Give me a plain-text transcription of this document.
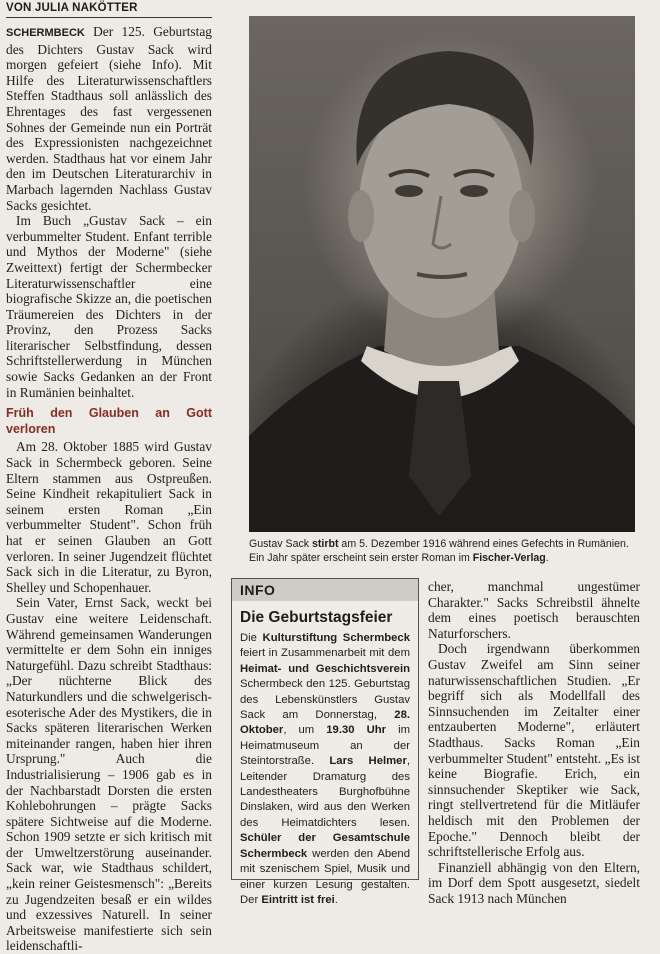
VON JULIA NAKÖTTER

SCHERMBECK Der 125. Geburtstag des Dichters Gustav Sack wird morgen gefeiert (siehe Info). Mit Hilfe des Literaturwissenschaftlers Steffen Stadthaus soll anlässlich des Ehrentages des fast vergessenen Sohnes der Gemeinde nun ein Porträt des Expressionisten nachgezeichnet werden. Stadthaus hat vor einem Jahr den im Deutschen Literaturarchiv in Marbach lagernden Nachlass Gustav Sacks gesichtet.

Im Buch „Gustav Sack – ein verbummelter Student. Enfant terrible und Mythos der Moderne" (siehe Zweittext) fertigt der Schermbecker Literaturwissenschaftler eine biografische Skizze an, die poetischen Träumereien des Dichters in der Provinz, den Prozess Sacks literarischer Selbstfindung, dessen Schriftstellerwerdung in München sowie Sacks Gedanken an der Front in Rumänien beinhaltet.

Früh den Glauben an Gott verloren

Am 28. Oktober 1885 wird Gustav Sack in Schermbeck geboren. Seine Eltern stammen aus Ostpreußen. Seine Kindheit rekapituliert Sack in seinem ersten Roman „Ein verbummelter Student". Schon früh hat er seinen Glauben an Gott verloren. In seiner Jugendzeit flüchtet Sack sich in die Literatur, zu Byron, Shelley und Schopenhauer.

Sein Vater, Ernst Sack, weckt bei Gustav eine weitere Leidenschaft. Während gemeinsamen Wanderungen vermittelte er dem Sohn ein inniges Naturgefühl. Dazu schreibt Stadthaus: „Der nüchterne Blick des Naturkundlers und die schwelgerisch-esoterische Ader des Mystikers, die in Sacks späteren literarischen Werken miteinander rangen, haben hier ihren Ursprung." Auch die Industrialisierung – 1906 gab es in der Nachbarstadt Dorsten die ersten Kohlebohrungen – prägte Sacks spätere Sichtweise auf die Moderne. Schon 1909 setzte er sich kritisch mit der Umweltzerstörung auseinander. Sack war, wie Stadthaus schildert, „kein reiner Geistesmensch": „Bereits zu Jugendzeiten besaß er ein wildes und exzessives Naturell. In seiner Arbeitsweise manifestierte sich sein leidenschaftli-

Gustav Sack stirbt am 5. Dezember 1916 während eines Gefechts in Rumänien. Ein Jahr später erscheint sein erster Roman im Fischer-Verlag.
INFO
Die Geburtstagsfeier
Die Kulturstiftung Schermbeck feiert in Zusammenarbeit mit dem Heimat- und Geschichtsverein Schermbeck den 125. Geburtstag des Lebenskünstlers Gustav Sack am Donnerstag, 28. Oktober, um 19.30 Uhr im Heimatmuseum an der Steintorstraße. Lars Helmer, Leitender Dramaturg des Landestheaters Burghofbühne Dinslaken, wird aus den Werken des Heimatdichters lesen. Schüler der Gesamtschule Schermbeck werden den Abend mit szenischem Spiel, Musik und einer kurzen Lesung gestalten. Der Eintritt ist frei.

cher, manchmal ungestümer Charakter." Sacks Schreibstil ähnelte dem eines poetisch berauschten Naturforschers.

Doch irgendwann überkommen Gustav Zweifel am Sinn seiner naturwissenschaftlichen Studien. „Er begriff sich als Modellfall des Sinnsuchenden im Zeitalter einer entzauberten Moderne", erläutert Stadthaus. Sacks Roman „Ein verbummelter Student" entsteht. „Es ist keine Biografie. Erich, ein sinnsuchender Skeptiker wie Sack, ringt stellvertretend für die Mitläufer heldisch mit den Problemen der Epoche." Dennoch bleibt der schriftstellerische Erfolg aus.

Finanziell abhängig von den Eltern, im Dorf dem Spott ausgesetzt, siedelt Sack 1913 nach München
